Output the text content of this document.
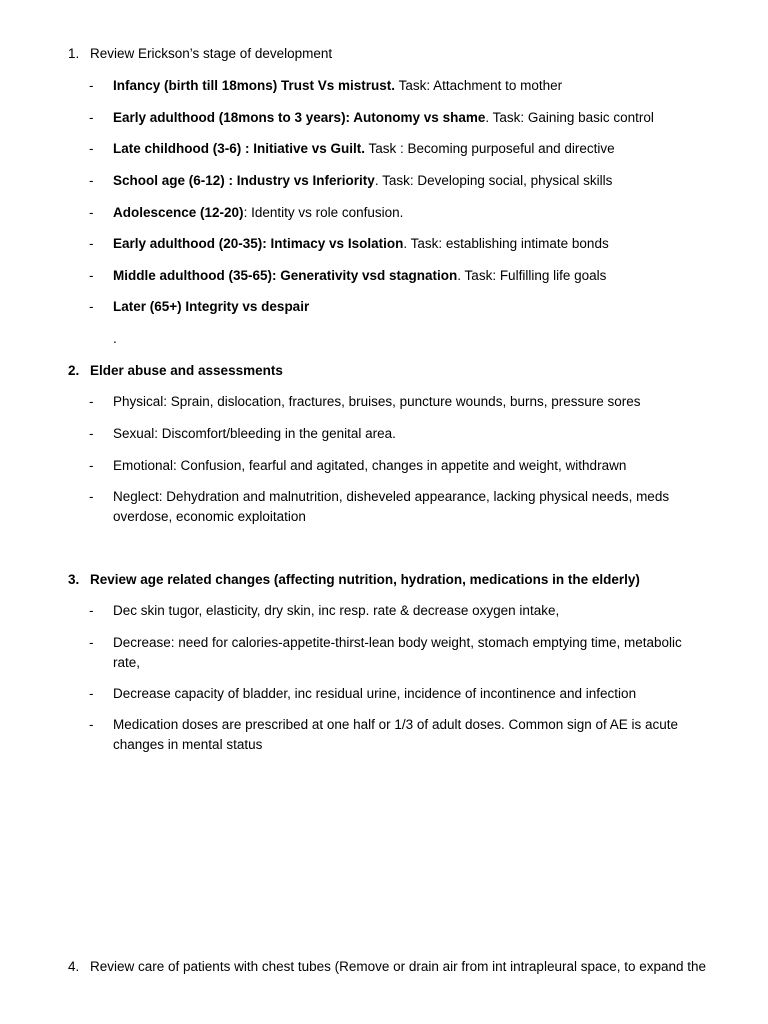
1. Review Erickson’s stage of development
- Infancy (birth till 18mons) Trust Vs mistrust. Task: Attachment to mother
- Early adulthood (18mons to 3 years): Autonomy vs shame. Task: Gaining basic control
- Late childhood (3-6) : Initiative vs Guilt. Task : Becoming purposeful and directive
- School age (6-12) : Industry vs Inferiority. Task: Developing social, physical skills
- Adolescence (12-20): Identity vs role confusion.
- Early adulthood (20-35): Intimacy vs Isolation. Task: establishing intimate bonds
- Middle adulthood (35-65): Generativity vsd stagnation. Task: Fulfilling life goals
- Later (65+) Integrity vs despair
.
2. Elder abuse and assessments
- Physical: Sprain, dislocation, fractures, bruises, puncture wounds, burns, pressure sores
- Sexual: Discomfort/bleeding in the genital area.
- Emotional: Confusion, fearful and agitated, changes in appetite and weight, withdrawn
- Neglect: Dehydration and malnutrition, disheveled appearance, lacking physical needs, meds overdose, economic exploitation
3. Review age related changes (affecting nutrition, hydration, medications in the elderly)
- Dec skin tugor, elasticity, dry skin, inc resp. rate & decrease oxygen intake,
- Decrease: need for calories-appetite-thirst-lean body weight, stomach emptying time, metabolic rate,
- Decrease capacity of bladder, inc residual urine, incidence of incontinence and infection
- Medication doses are prescribed at one half or 1/3 of adult doses. Common sign of AE is acute changes in mental status
4. Review care of patients with chest tubes (Remove or drain air from int intrapleural space, to expand the
